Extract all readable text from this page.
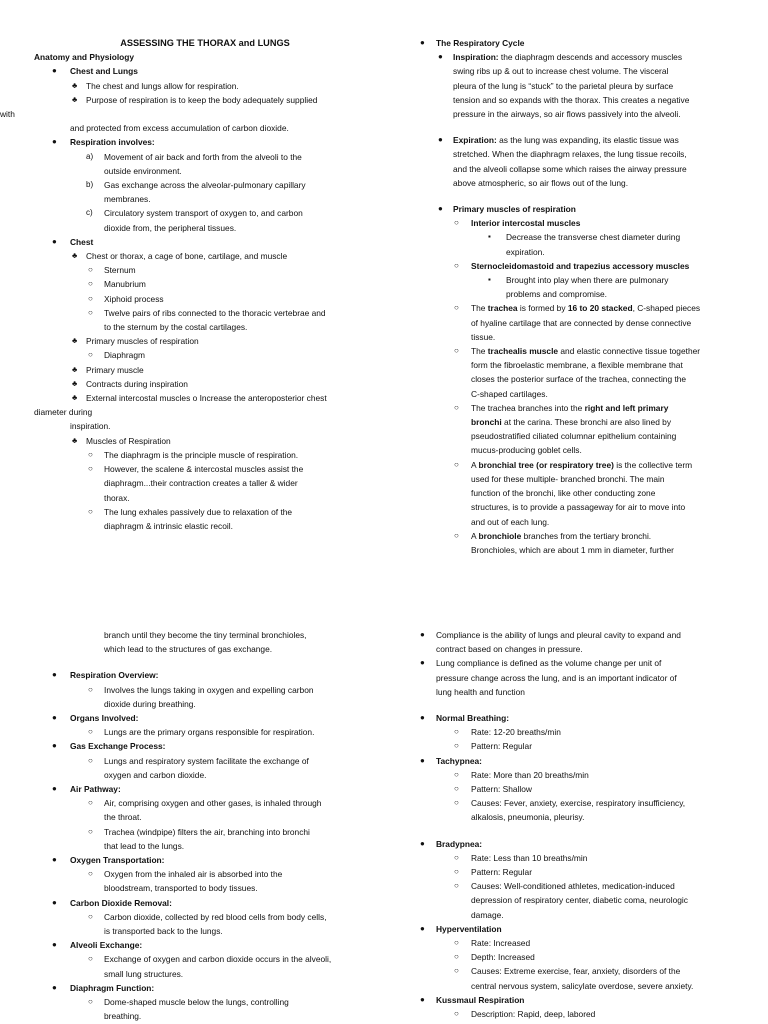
ASSESSING THE THORAX and LUNGS
Anatomy and Physiology
● Chest and Lungs
♣ The chest and lungs allow for respiration.
♣ Purpose of respiration is to keep the body adequately supplied
with
and protected from excess accumulation of carbon dioxide.
● Respiration involves:
a) Movement of air back and forth from the alveoli to the
outside environment.
b) Gas exchange across the alveolar-pulmonary capillary
membranes.
c) Circulatory system transport of oxygen to, and carbon
dioxide from, the peripheral tissues.
● Chest
♣ Chest or thorax, a cage of bone, cartilage, and muscle
○ Sternum
○ Manubrium
○ Xiphoid process
○ Twelve pairs of ribs connected to the thoracic vertebrae and
to the sternum by the costal cartilages.
♣ Primary muscles of respiration
○ Diaphragm
♣ Primary muscle
♣ Contracts during inspiration
♣ External intercostal muscles o Increase the anteroposterior chest
diameter during
inspiration.
♣ Muscles of Respiration
○ The diaphragm is the principle muscle of respiration.
○ However, the scalene & intercostal muscles assist the
diaphragm...their contraction creates a taller & wider
thorax.
○ The lung exhales passively due to relaxation of the
diaphragm & intrinsic elastic recoil.
● The Respiratory Cycle
● Inspiration: the diaphragm descends and accessory muscles
swing ribs up & out to increase chest volume. The visceral
pleura of the lung is “stuck” to the parietal pleura by surface
tension and so expands with the thorax. This creates a negative
pressure in the airways, so air flows passively into the alveoli.
● Expiration: as the lung was expanding, its elastic tissue was
stretched. When the diaphragm relaxes, the lung tissue recoils,
and the alveoli collapse some which raises the airway pressure
above atmospheric, so air flows out of the lung.
● Primary muscles of respiration
○ Interior intercostal muscles
▪ Decrease the transverse chest diameter during
expiration.
○ Sternocleidomastoid and trapezius accessory muscles
▪ Brought into play when there are pulmonary
problems and compromise.
○ The trachea is formed by 16 to 20 stacked, C-shaped pieces
of hyaline cartilage that are connected by dense connective
tissue.
○ The trachealis muscle and elastic connective tissue together
form the fibroelastic membrane, a flexible membrane that
closes the posterior surface of the trachea, connecting the
C-shaped cartilages.
○ The trachea branches into the right and left primary
bronchi at the carina. These bronchi are also lined by
pseudostratified ciliated columnar epithelium containing
mucus-producing goblet cells.
○ A bronchial tree (or respiratory tree) is the collective term
used for these multiple- branched bronchi. The main
function of the bronchi, like other conducting zone
structures, is to provide a passageway for air to move into
and out of each lung.
○ A bronchiole branches from the tertiary bronchi.
Bronchioles, which are about 1 mm in diameter, further
branch until they become the tiny terminal bronchioles,
which lead to the structures of gas exchange.
● Respiration Overview:
○ Involves the lungs taking in oxygen and expelling carbon
dioxide during breathing.
● Organs Involved:
○ Lungs are the primary organs responsible for respiration.
● Gas Exchange Process:
○ Lungs and respiratory system facilitate the exchange of
oxygen and carbon dioxide.
● Air Pathway:
○ Air, comprising oxygen and other gases, is inhaled through
the throat.
○ Trachea (windpipe) filters the air, branching into bronchi
that lead to the lungs.
● Oxygen Transportation:
○ Oxygen from the inhaled air is absorbed into the
bloodstream, transported to body tissues.
● Carbon Dioxide Removal:
○ Carbon dioxide, collected by red blood cells from body cells,
is transported back to the lungs.
● Alveoli Exchange:
○ Exchange of oxygen and carbon dioxide occurs in the alveoli,
small lung structures.
● Diaphragm Function:
○ Dome-shaped muscle below the lungs, controlling
breathing.
● Compliance is the ability of lungs and pleural cavity to expand and
contract based on changes in pressure.
● Lung compliance is defined as the volume change per unit of
pressure change across the lung, and is an important indicator of
lung health and function
● Normal Breathing:
○ Rate: 12-20 breaths/min
○ Pattern: Regular
● Tachypnea:
○ Rate: More than 20 breaths/min
○ Pattern: Shallow
○ Causes: Fever, anxiety, exercise, respiratory insufficiency,
alkalosis, pneumonia, pleurisy.
● Bradypnea:
○ Rate: Less than 10 breaths/min
○ Pattern: Regular
○ Causes: Well-conditioned athletes, medication-induced
depression of respiratory center, diabetic coma, neurologic
damage.
● Hyperventilation
○ Rate: Increased
○ Depth: Increased
○ Causes: Extreme exercise, fear, anxiety, disorders of the
central nervous system, salicylate overdose, severe anxiety.
● Kussmaul Respiration
○ Description: Rapid, deep, labored
